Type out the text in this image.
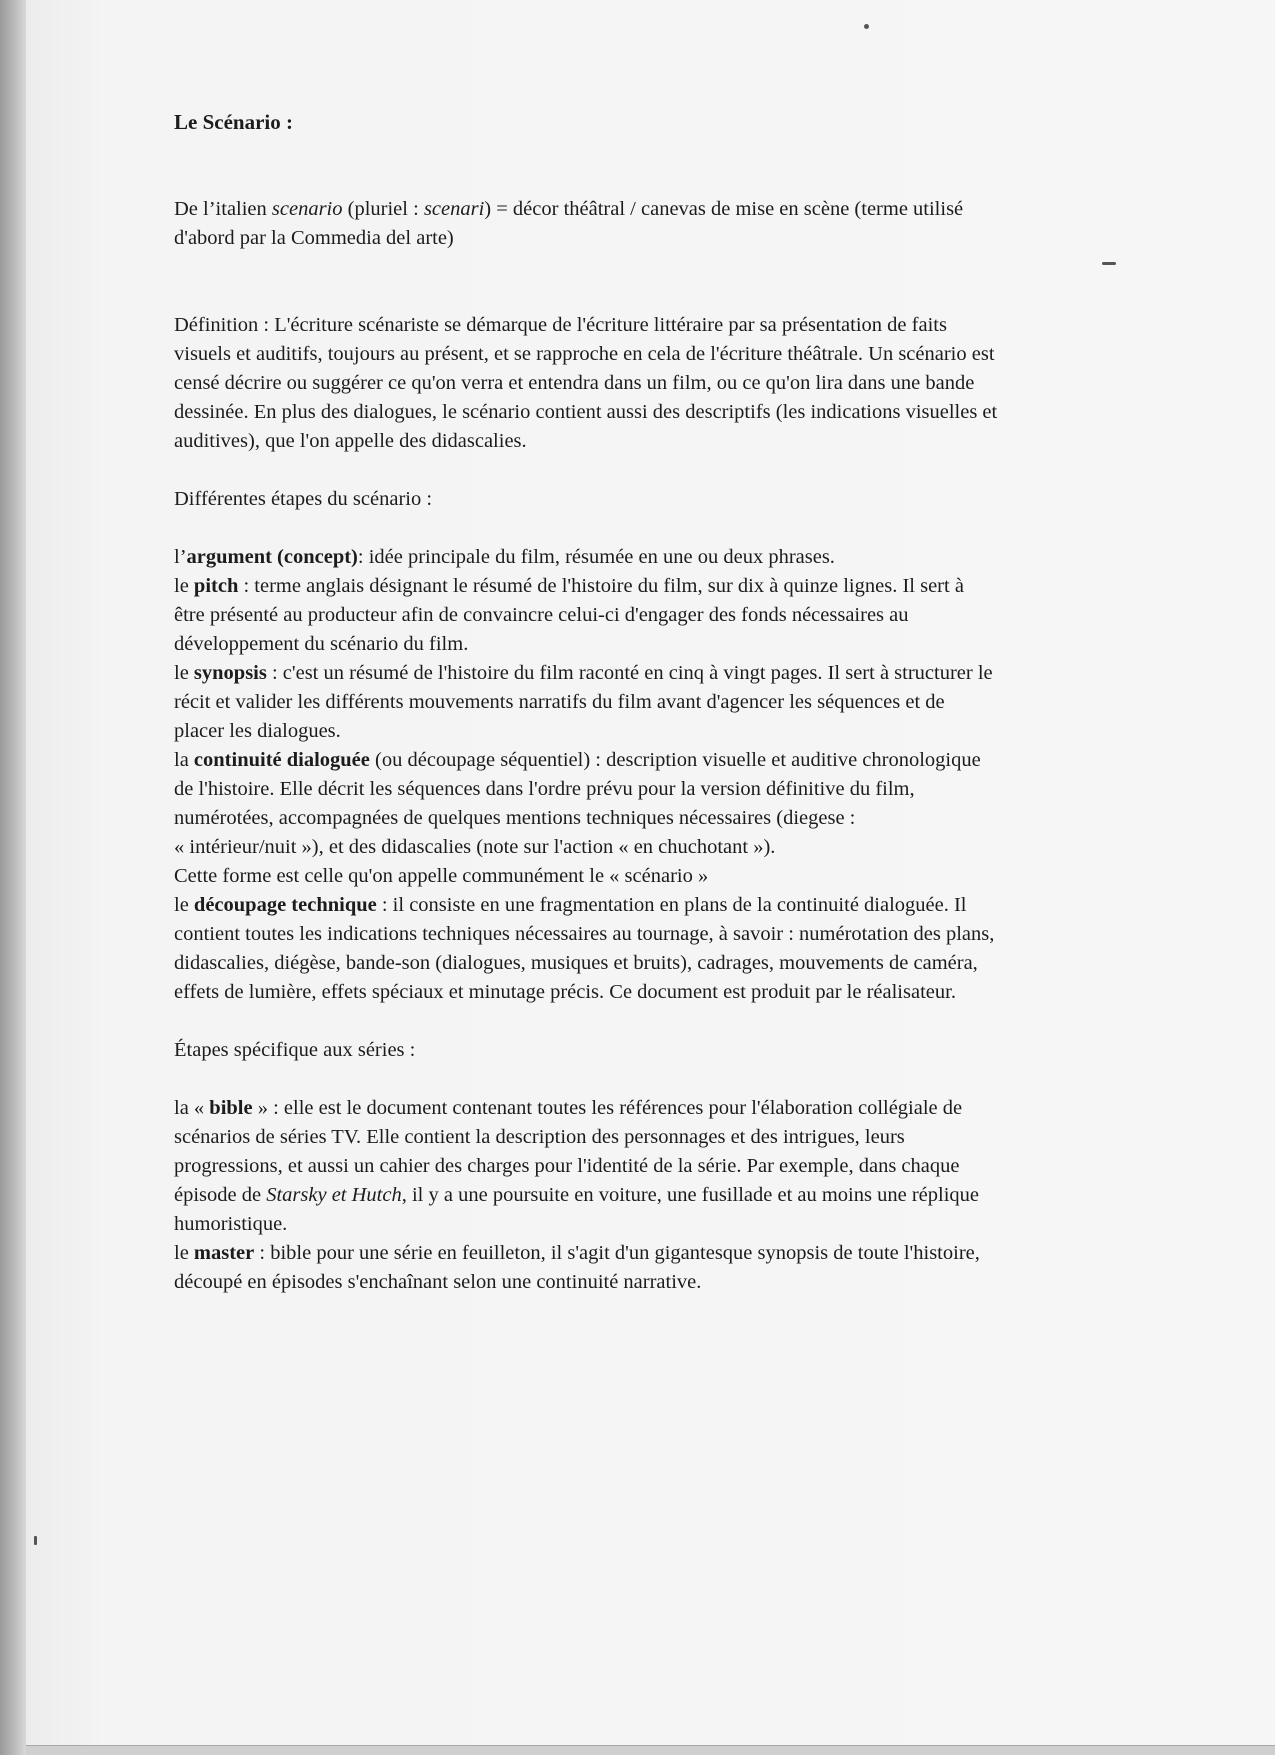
Le Scénario :

De l’italien scenario (pluriel : scenari) = décor théâtral / canevas de mise en scène (terme utilisé

d'abord par la Commedia del arte)

Définition : L'écriture scénariste se démarque de l'écriture littéraire par sa présentation de faits

visuels et auditifs, toujours au présent, et se rapproche en cela de l'écriture théâtrale. Un scénario est

censé décrire ou suggérer ce qu'on verra et entendra dans un film, ou ce qu'on lira dans une bande

dessinée. En plus des dialogues, le scénario contient aussi des descriptifs (les indications visuelles et

auditives), que l'on appelle des didascalies.

Différentes étapes du scénario :

l’argument (concept): idée principale du film, résumée en une ou deux phrases.

le pitch : terme anglais désignant le résumé de l'histoire du film, sur dix à quinze lignes. Il sert à

être présenté au producteur afin de convaincre celui-ci d'engager des fonds nécessaires au

développement du scénario du film.

le synopsis : c'est un résumé de l'histoire du film raconté en cinq à vingt pages. Il sert à structurer le

récit et valider les différents mouvements narratifs du film avant d'agencer les séquences et de

placer les dialogues.

la continuité dialoguée (ou découpage séquentiel) : description visuelle et auditive chronologique

de l'histoire. Elle décrit les séquences dans l'ordre prévu pour la version définitive du film,

numérotées, accompagnées de quelques mentions techniques nécessaires (diegese :

« intérieur/nuit »), et des didascalies (note sur l'action « en chuchotant »).

Cette forme est celle qu'on appelle communément le « scénario »

le découpage technique : il consiste en une fragmentation en plans de la continuité dialoguée. Il

contient toutes les indications techniques nécessaires au tournage, à savoir : numérotation des plans,

didascalies, diégèse, bande-son (dialogues, musiques et bruits), cadrages, mouvements de caméra,

effets de lumière, effets spéciaux et minutage précis. Ce document est produit par le réalisateur.

Étapes spécifique aux séries :

la « bible » : elle est le document contenant toutes les références pour l'élaboration collégiale de

scénarios de séries TV. Elle contient la description des personnages et des intrigues, leurs

progressions, et aussi un cahier des charges pour l'identité de la série. Par exemple, dans chaque

épisode de Starsky et Hutch, il y a une poursuite en voiture, une fusillade et au moins une réplique

humoristique.

le master : bible pour une série en feuilleton, il s'agit d'un gigantesque synopsis de toute l'histoire,

découpé en épisodes s'enchaînant selon une continuité narrative.
